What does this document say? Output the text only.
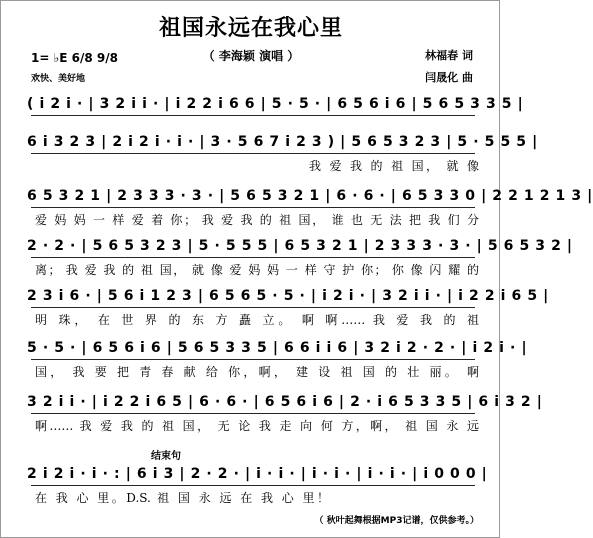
祖国永远在我心里
（ 李海颖 演唱 ）	林福春 词
闫晟化 曲
1= ♭E 6/8 9/8
欢快、美好地
( i 2 i · | 3 2 i i · | i 2 2 i 6 6 | 5 · 5 · | 6 5 6 i 6 | 5 6 5 3 3 5 |
6 i 3 2 3 | 2 i 2 i · i · | 3 · 5 6 7 i 2 3 ) | 5 6 5 3 2 3 | 5 · 5 5 5 |
我 爱 我 的 祖 国， 就 像
6 5 3 2 1 | 2 3 3 3 · 3 · | 5 6 5 3 2 1 | 6 · 6 · | 6 5 3 3 0 | 2 2 1 2 1 3 |
爱 妈 妈 一 样 爱 着 你； 我 爱 我 的 祖 国， 谁 也 无 法 把 我 们 分
2 · 2 · | 5 6 5 3 2 3 | 5 · 5 5 5 | 6 5 3 2 1 | 2 3 3 3 · 3 · | 5 6 5 3 2 |
离； 我 爱 我 的 祖 国， 就 像 爱 妈 妈 一 样 守 护 你； 你 像 闪 耀 的
2 3 i 6 · | 5 6 i 1 2 3 | 6 5 6 5 · 5 · | i 2 i · | 3 2 i i · | i 2 2 i 6 5 |
明 珠， 在 世 界 的 东 方 矗 立。 啊 啊…… 我 爱 我 的 祖
5 · 5 · | 6 5 6 i 6 | 5 6 5 3 3 5 | 6 6 i i 6 | 3 2 i 2 · 2 · | i 2 i · |
国， 我 要 把 青 春 献 给 你，啊， 建 设 祖 国 的 壮 丽。 啊
3 2 i i · | i 2 2 i 6 5 | 6 · 6 · | 6 5 6 i 6 | 2 · i 6 5 3 3 5 | 6 i 3 2 |
啊…… 我 爱 我 的 祖 国， 无 论 我 走 向 何 方，啊， 祖 国 永 远
结束句
2 i 2 i · i · : | 6 i 3 | 2 · 2 · | i · i · | i · i · | i · i · | i 0 0 0 |
在 我 心 里。D.S. 祖 国 永 远 在 我 心 里！
（ 秋叶起舞根据MP3记谱，仅供参考。）
